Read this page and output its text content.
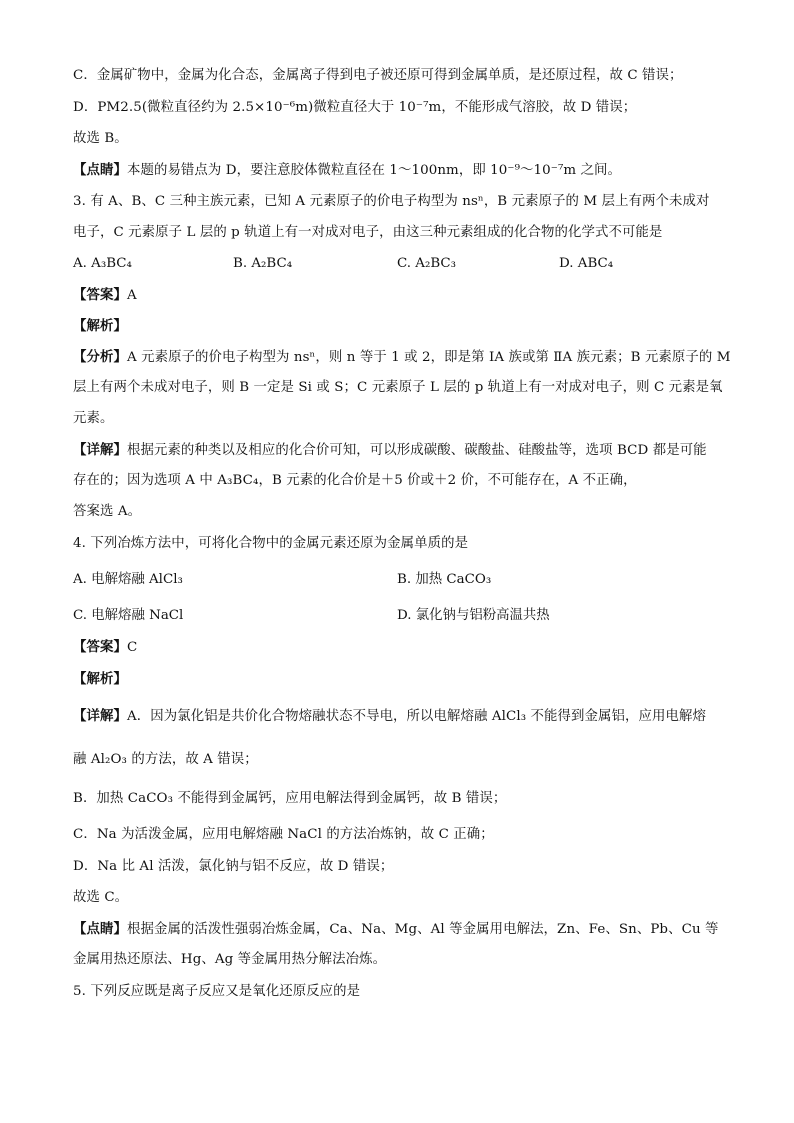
C．金属矿物中，金属为化合态，金属离子得到电子被还原可得到金属单质，是还原过程，故 C 错误；
D．PM2.5(微粒直径约为 2.5×10⁻⁶m)微粒直径大于 10⁻⁷m，不能形成气溶胶，故 D 错误；
故选 B。
【点睛】本题的易错点为 D，要注意胶体微粒直径在 1～100nm，即 10⁻⁹～10⁻⁷m 之间。
3. 有 A、B、C 三种主族元素，已知 A 元素原子的价电子构型为 nsⁿ，B 元素原子的 M 层上有两个未成对
电子，C 元素原子 L 层的 p 轨道上有一对成对电子，由这三种元素组成的化合物的化学式不可能是
A. A₃BC₄	B. A₂BC₄	C. A₂BC₃	D. ABC₄
【答案】A
【解析】
【分析】A 元素原子的价电子构型为 nsⁿ，则 n 等于 1 或 2，即是第 IA 族或第 ⅡA 族元素；B 元素原子的 M
层上有两个未成对电子，则 B 一定是 Si 或 S；C 元素原子 L 层的 p 轨道上有一对成对电子，则 C 元素是氧
元素。
【详解】根据元素的种类以及相应的化合价可知，可以形成碳酸、碳酸盐、硅酸盐等，选项 BCD 都是可能
存在的；因为选项 A 中 A₃BC₄，B 元素的化合价是＋5 价或＋2 价，不可能存在，A 不正确，
答案选 A。
4. 下列冶炼方法中，可将化合物中的金属元素还原为金属单质的是
A. 电解熔融 AlCl₃	B. 加热 CaCO₃
C. 电解熔融 NaCl	D. 氯化钠与铝粉高温共热
【答案】C
【解析】
【详解】A．因为氯化铝是共价化合物熔融状态不导电，所以电解熔融 AlCl₃ 不能得到金属铝，应用电解熔
融 Al₂O₃ 的方法，故 A 错误；
B．加热 CaCO₃ 不能得到金属钙，应用电解法得到金属钙，故 B 错误；
C．Na 为活泼金属，应用电解熔融 NaCl 的方法冶炼钠，故 C 正确；
D．Na 比 Al 活泼，氯化钠与铝不反应，故 D 错误；
故选 C。
【点睛】根据金属的活泼性强弱冶炼金属，Ca、Na、Mg、Al 等金属用电解法，Zn、Fe、Sn、Pb、Cu 等
金属用热还原法、Hg、Ag 等金属用热分解法冶炼。
5. 下列反应既是离子反应又是氧化还原反应的是
